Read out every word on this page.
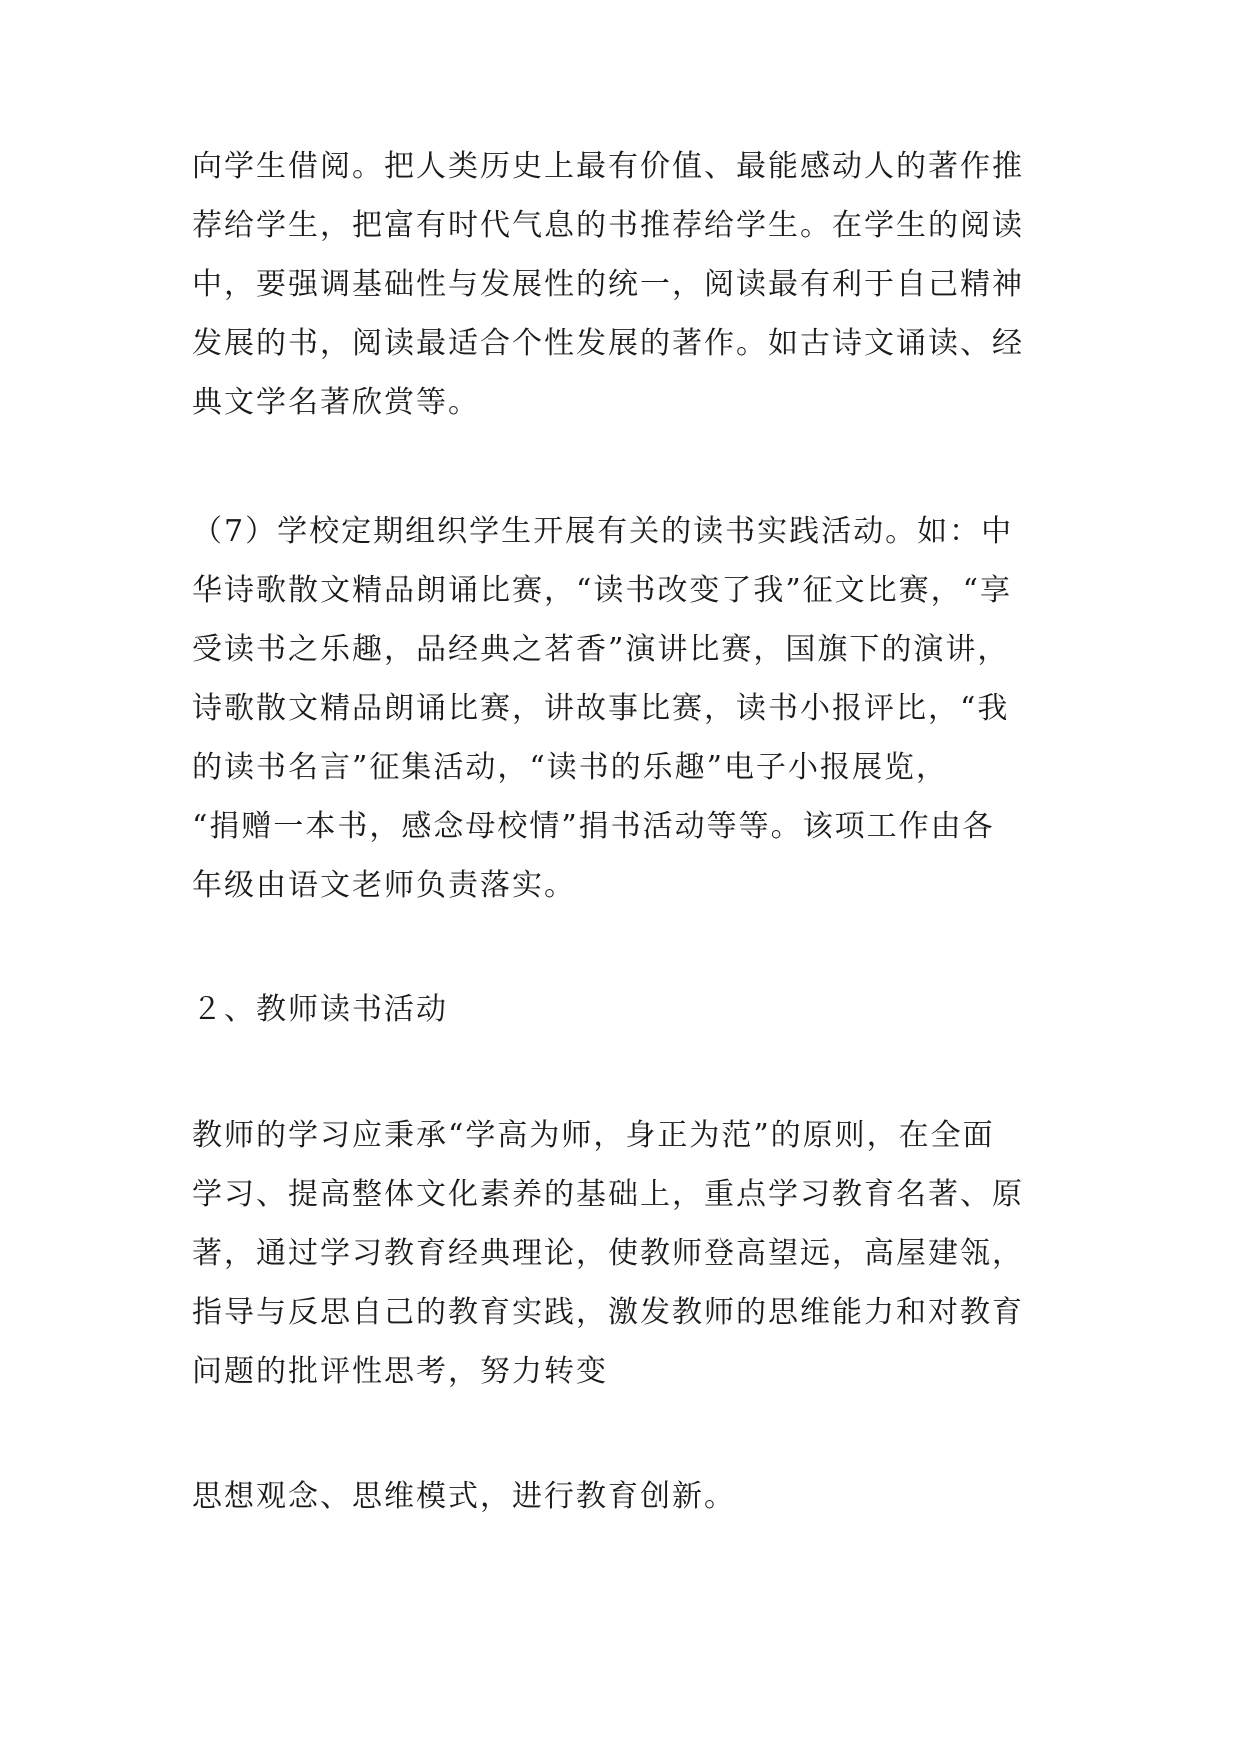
向学生借阅。把人类历史上最有价值、最能感动人的著作推
荐给学生，把富有时代气息的书推荐给学生。在学生的阅读
中，要强调基础性与发展性的统一，阅读最有利于自己精神
发展的书，阅读最适合个性发展的著作。如古诗文诵读、经
典文学名著欣赏等。
（7）学校定期组织学生开展有关的读书实践活动。如：中
华诗歌散文精品朗诵比赛，“读书改变了我”征文比赛，“享
受读书之乐趣，品经典之茗香”演讲比赛，国旗下的演讲，
诗歌散文精品朗诵比赛，讲故事比赛，读书小报评比，“我
的读书名言”征集活动，“读书的乐趣”电子小报展览，
“捐赠一本书，感念母校情”捐书活动等等。该项工作由各
年级由语文老师负责落实。
２、教师读书活动
教师的学习应秉承“学高为师，身正为范”的原则，在全面
学习、提高整体文化素养的基础上，重点学习教育名著、原
著，通过学习教育经典理论，使教师登高望远，高屋建瓴，
指导与反思自己的教育实践，激发教师的思维能力和对教育
问题的批评性思考，努力转变
思想观念、思维模式，进行教育创新。
